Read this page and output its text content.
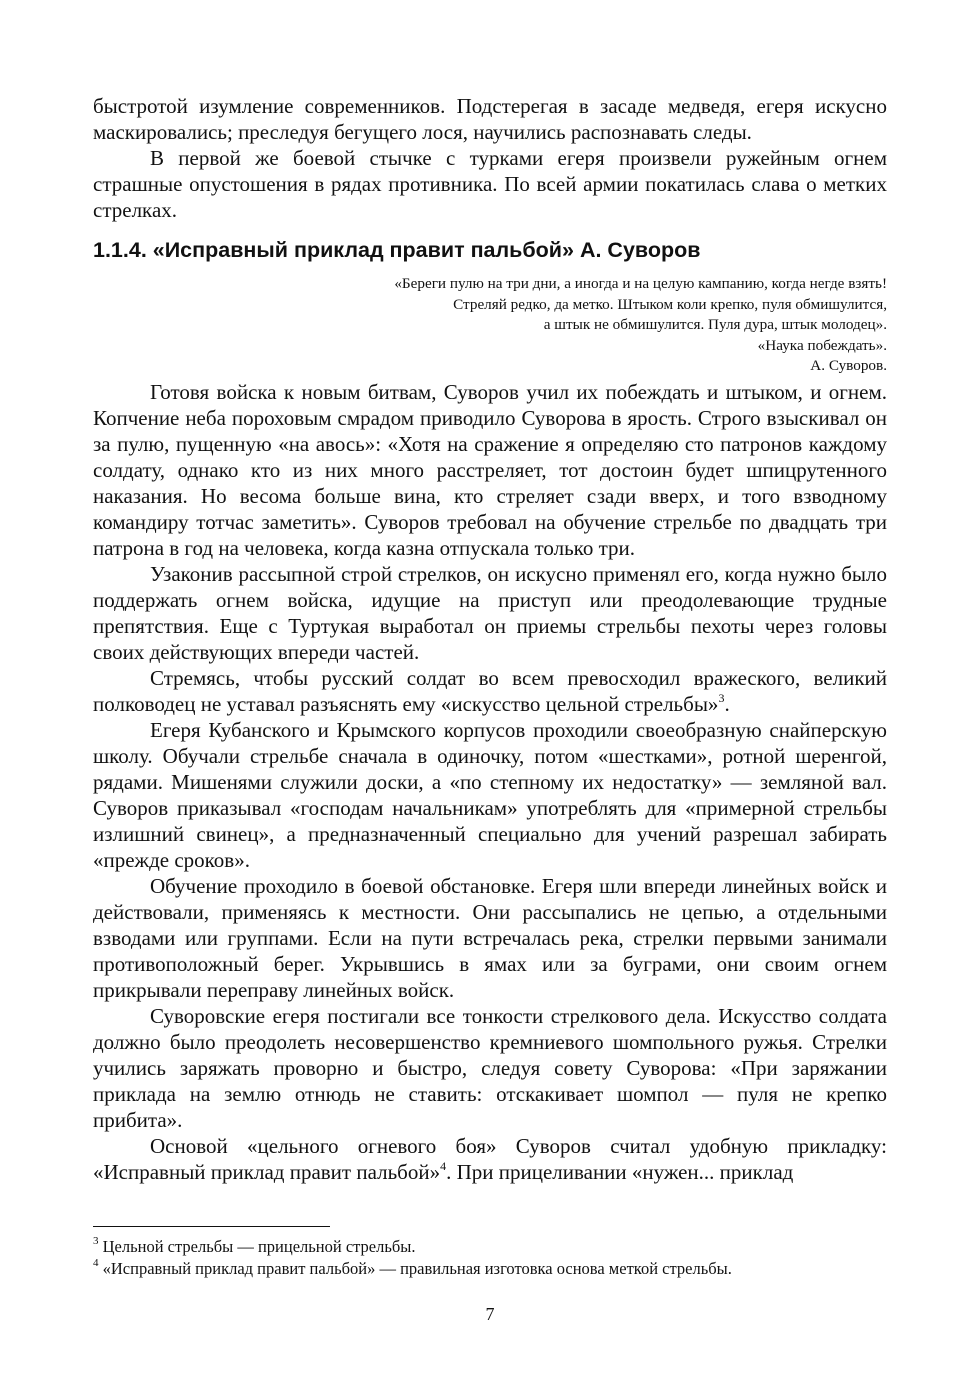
быстротой изумление современников. Подстерегая в засаде медведя, егеря искусно маскировались; преследуя бегущего лося, научились распознавать следы.

В первой же боевой стычке с турками егеря произвели ружейным огнем страшные опустошения в рядах противника. По всей армии покатилась слава о метких стрелках.

1.1.4. «Исправный приклад правит пальбой» А. Суворов
«Береги пулю на три дни, а иногда и на целую кампанию, когда негде взять!
Стреляй редко, да метко. Штыком коли крепко, пуля обмишулится,
а штык не обмишулится. Пуля дура, штык молодец».
«Наука побеждать».
А. Суворов.

Готовя войска к новым битвам, Суворов учил их побеждать и штыком, и огнем. Копчение неба пороховым смрадом приводило Суворова в ярость. Строго взыскивал он за пулю, пущенную «на авось»: «Хотя на сражение я определяю сто патронов каждому солдату, однако кто из них много расстреляет, тот достоин будет шпицрутенного наказания. Но весома больше вина, кто стреляет сзади вверх, и того взводному командиру тотчас заметить». Суворов требовал на обучение стрельбе по двадцать три патрона в год на человека, когда казна отпускала только три.

Узаконив рассыпной строй стрелков, он искусно применял его, когда нужно было поддержать огнем войска, идущие на приступ или преодолевающие трудные препятствия. Еще с Туртукая выработал он приемы стрельбы пехоты через головы своих действующих впереди частей.

Стремясь, чтобы русский солдат во всем превосходил вражеского, великий полководец не уставал разъяснять ему «искусство цельной стрельбы»$^3$.

Егеря Кубанского и Крымского корпусов проходили своеобразную снайперскую школу. Обучали стрельбе сначала в одиночку, потом «шестками», ротной шеренгой, рядами. Мишенями служили доски, а «по степному их недостатку» — земляной вал. Суворов приказывал «господам начальникам» употреблять для «примерной стрельбы излишний свинец», а предназначенный специально для учений разрешал забирать «прежде сроков».

Обучение проходило в боевой обстановке. Егеря шли впереди линейных войск и действовали, применяясь к местности. Они рассыпались не цепью, а отдельными взводами или группами. Если на пути встречалась река, стрелки первыми занимали противоположный берег. Укрывшись в ямах или за буграми, они своим огнем прикрывали переправу линейных войск.

Суворовские егеря постигали все тонкости стрелкового дела. Искусство солдата должно было преодолеть несовершенство кремниевого шомпольного ружья. Стрелки учились заряжать проворно и быстро, следуя совету Суворова: «При заряжании приклада на землю отнюдь не ставить: отскакивает шомпол — пуля не крепко прибита».

Основой «цельного огневого боя» Суворов считал удобную прикладку: «Исправный приклад правит пальбой»$^4$. При прицеливании «нужен... приклад

$^3$ Цельной стрельбы — прицельной стрельбы.
$^4$ «Исправный приклад правит пальбой» — правильная изготовка основа меткой стрельбы.
7
